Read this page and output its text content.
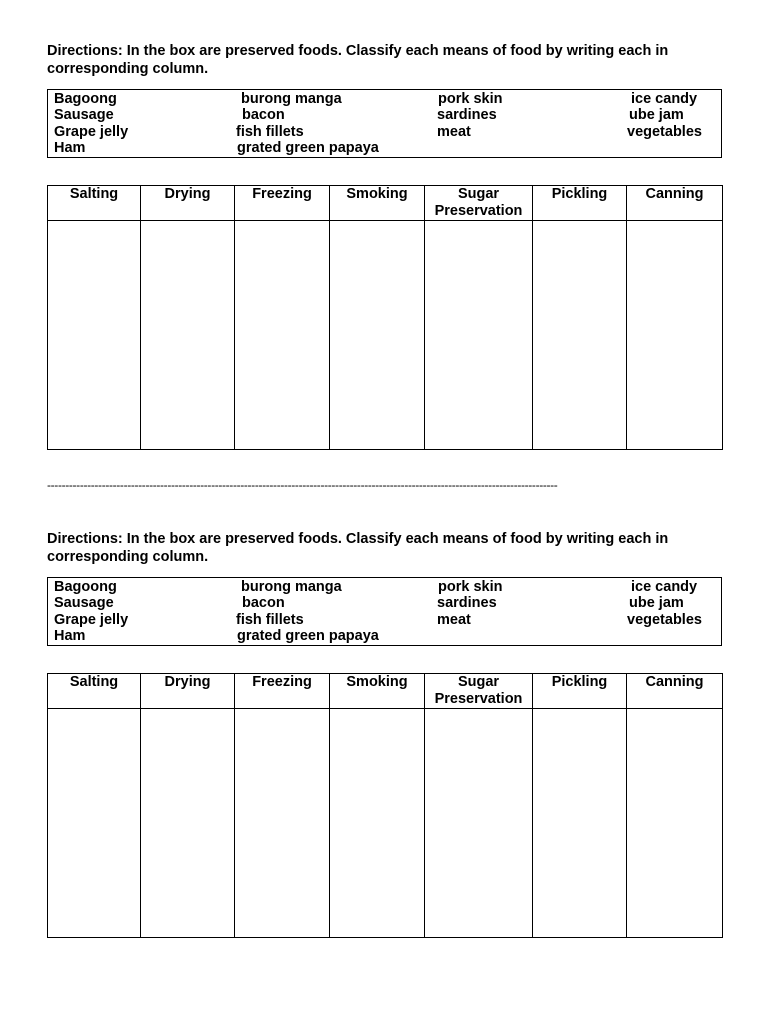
Directions: In the box are preserved foods. Classify each means of food by writing each in corresponding column.

Bagoong	burong manga	pork skin	ice candy
Sausage	bacon	sardines	ube jam
Grape jelly	fish fillets	meat	vegetables
Ham	grated green papaya
Salting	Drying	Freezing	Smoking	Sugar Preservation	Pickling	Canning

--------------------------------------------------------------------------------------------------------------------------------------------

Directions: In the box are preserved foods. Classify each means of food by writing each in corresponding column.

Bagoong	burong manga	pork skin	ice candy
Sausage	bacon	sardines	ube jam
Grape jelly	fish fillets	meat	vegetables
Ham	grated green papaya
Salting	Drying	Freezing	Smoking	Sugar Preservation	Pickling	Canning
